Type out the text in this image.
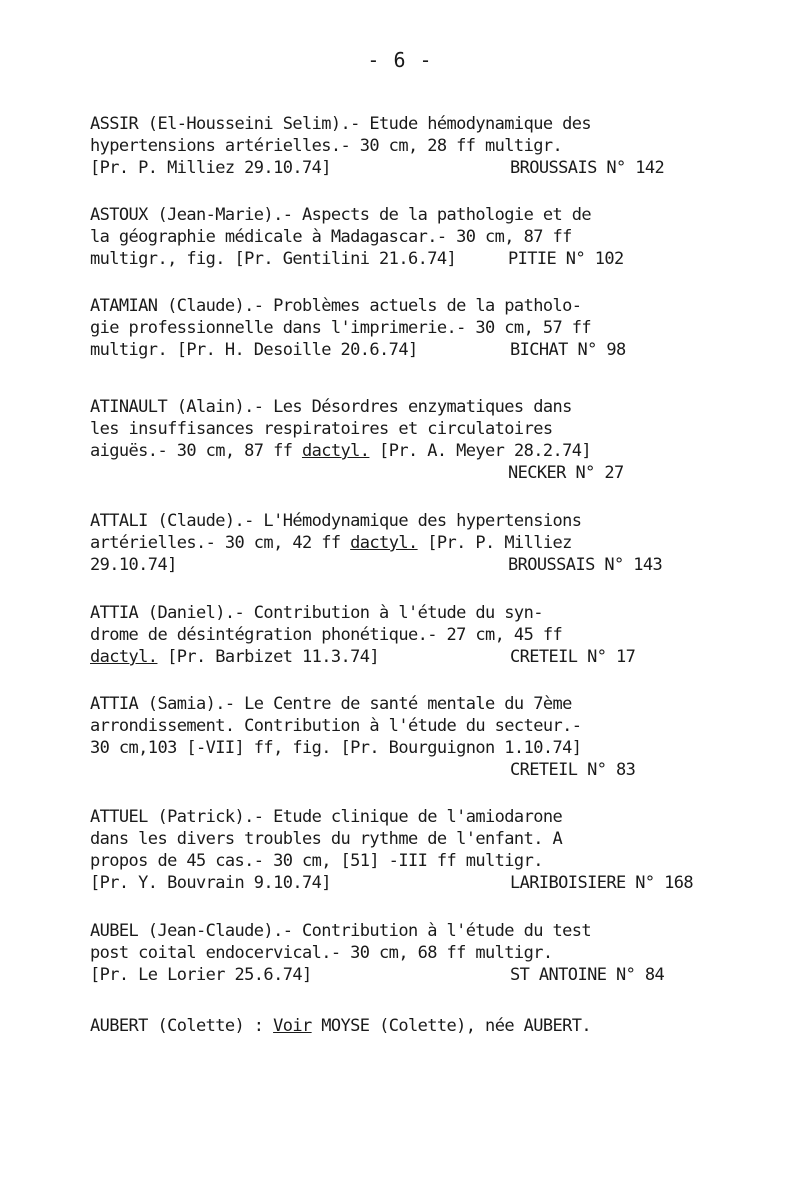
- 6 -
ASSIR (El-Housseini Selim).- Etude hémodynamique des
hypertensions artérielles.- 30 cm, 28 ff multigr.
[Pr. P. Milliez 29.10.74]	BROUSSAIS N° 142
ASTOUX (Jean-Marie).- Aspects de la pathologie et de
la géographie médicale à Madagascar.- 30 cm, 87 ff
multigr., fig. [Pr. Gentilini 21.6.74]	PITIE N° 102
ATAMIAN (Claude).- Problèmes actuels de la patholo-
gie professionnelle dans l'imprimerie.- 30 cm, 57 ff
multigr. [Pr. H. Desoille 20.6.74]	BICHAT N° 98
ATINAULT (Alain).- Les Désordres enzymatiques dans
les insuffisances respiratoires et circulatoires
aiguës.- 30 cm, 87 ff dactyl. [Pr. A. Meyer 28.2.74]
NECKER N° 27
ATTALI (Claude).- L'Hémodynamique des hypertensions
artérielles.- 30 cm, 42 ff dactyl. [Pr. P. Milliez
29.10.74]	BROUSSAIS N° 143
ATTIA (Daniel).- Contribution à l'étude du syn-
drome de désintégration phonétique.- 27 cm, 45 ff
dactyl. [Pr. Barbizet 11.3.74]	CRETEIL N° 17
ATTIA (Samia).- Le Centre de santé mentale du 7ème
arrondissement. Contribution à l'étude du secteur.-
30 cm,103 [-VII] ff, fig. [Pr. Bourguignon 1.10.74]
CRETEIL N° 83
ATTUEL (Patrick).- Etude clinique de l'amiodarone
dans les divers troubles du rythme de l'enfant. A
propos de 45 cas.- 30 cm, [51] -III ff multigr.
[Pr. Y. Bouvrain 9.10.74]	LARIBOISIERE N° 168
AUBEL (Jean-Claude).- Contribution à l'étude du test
post coital endocervical.- 30 cm, 68 ff multigr.
[Pr. Le Lorier 25.6.74]	ST ANTOINE N° 84
AUBERT (Colette) : Voir MOYSE (Colette), née AUBERT.
